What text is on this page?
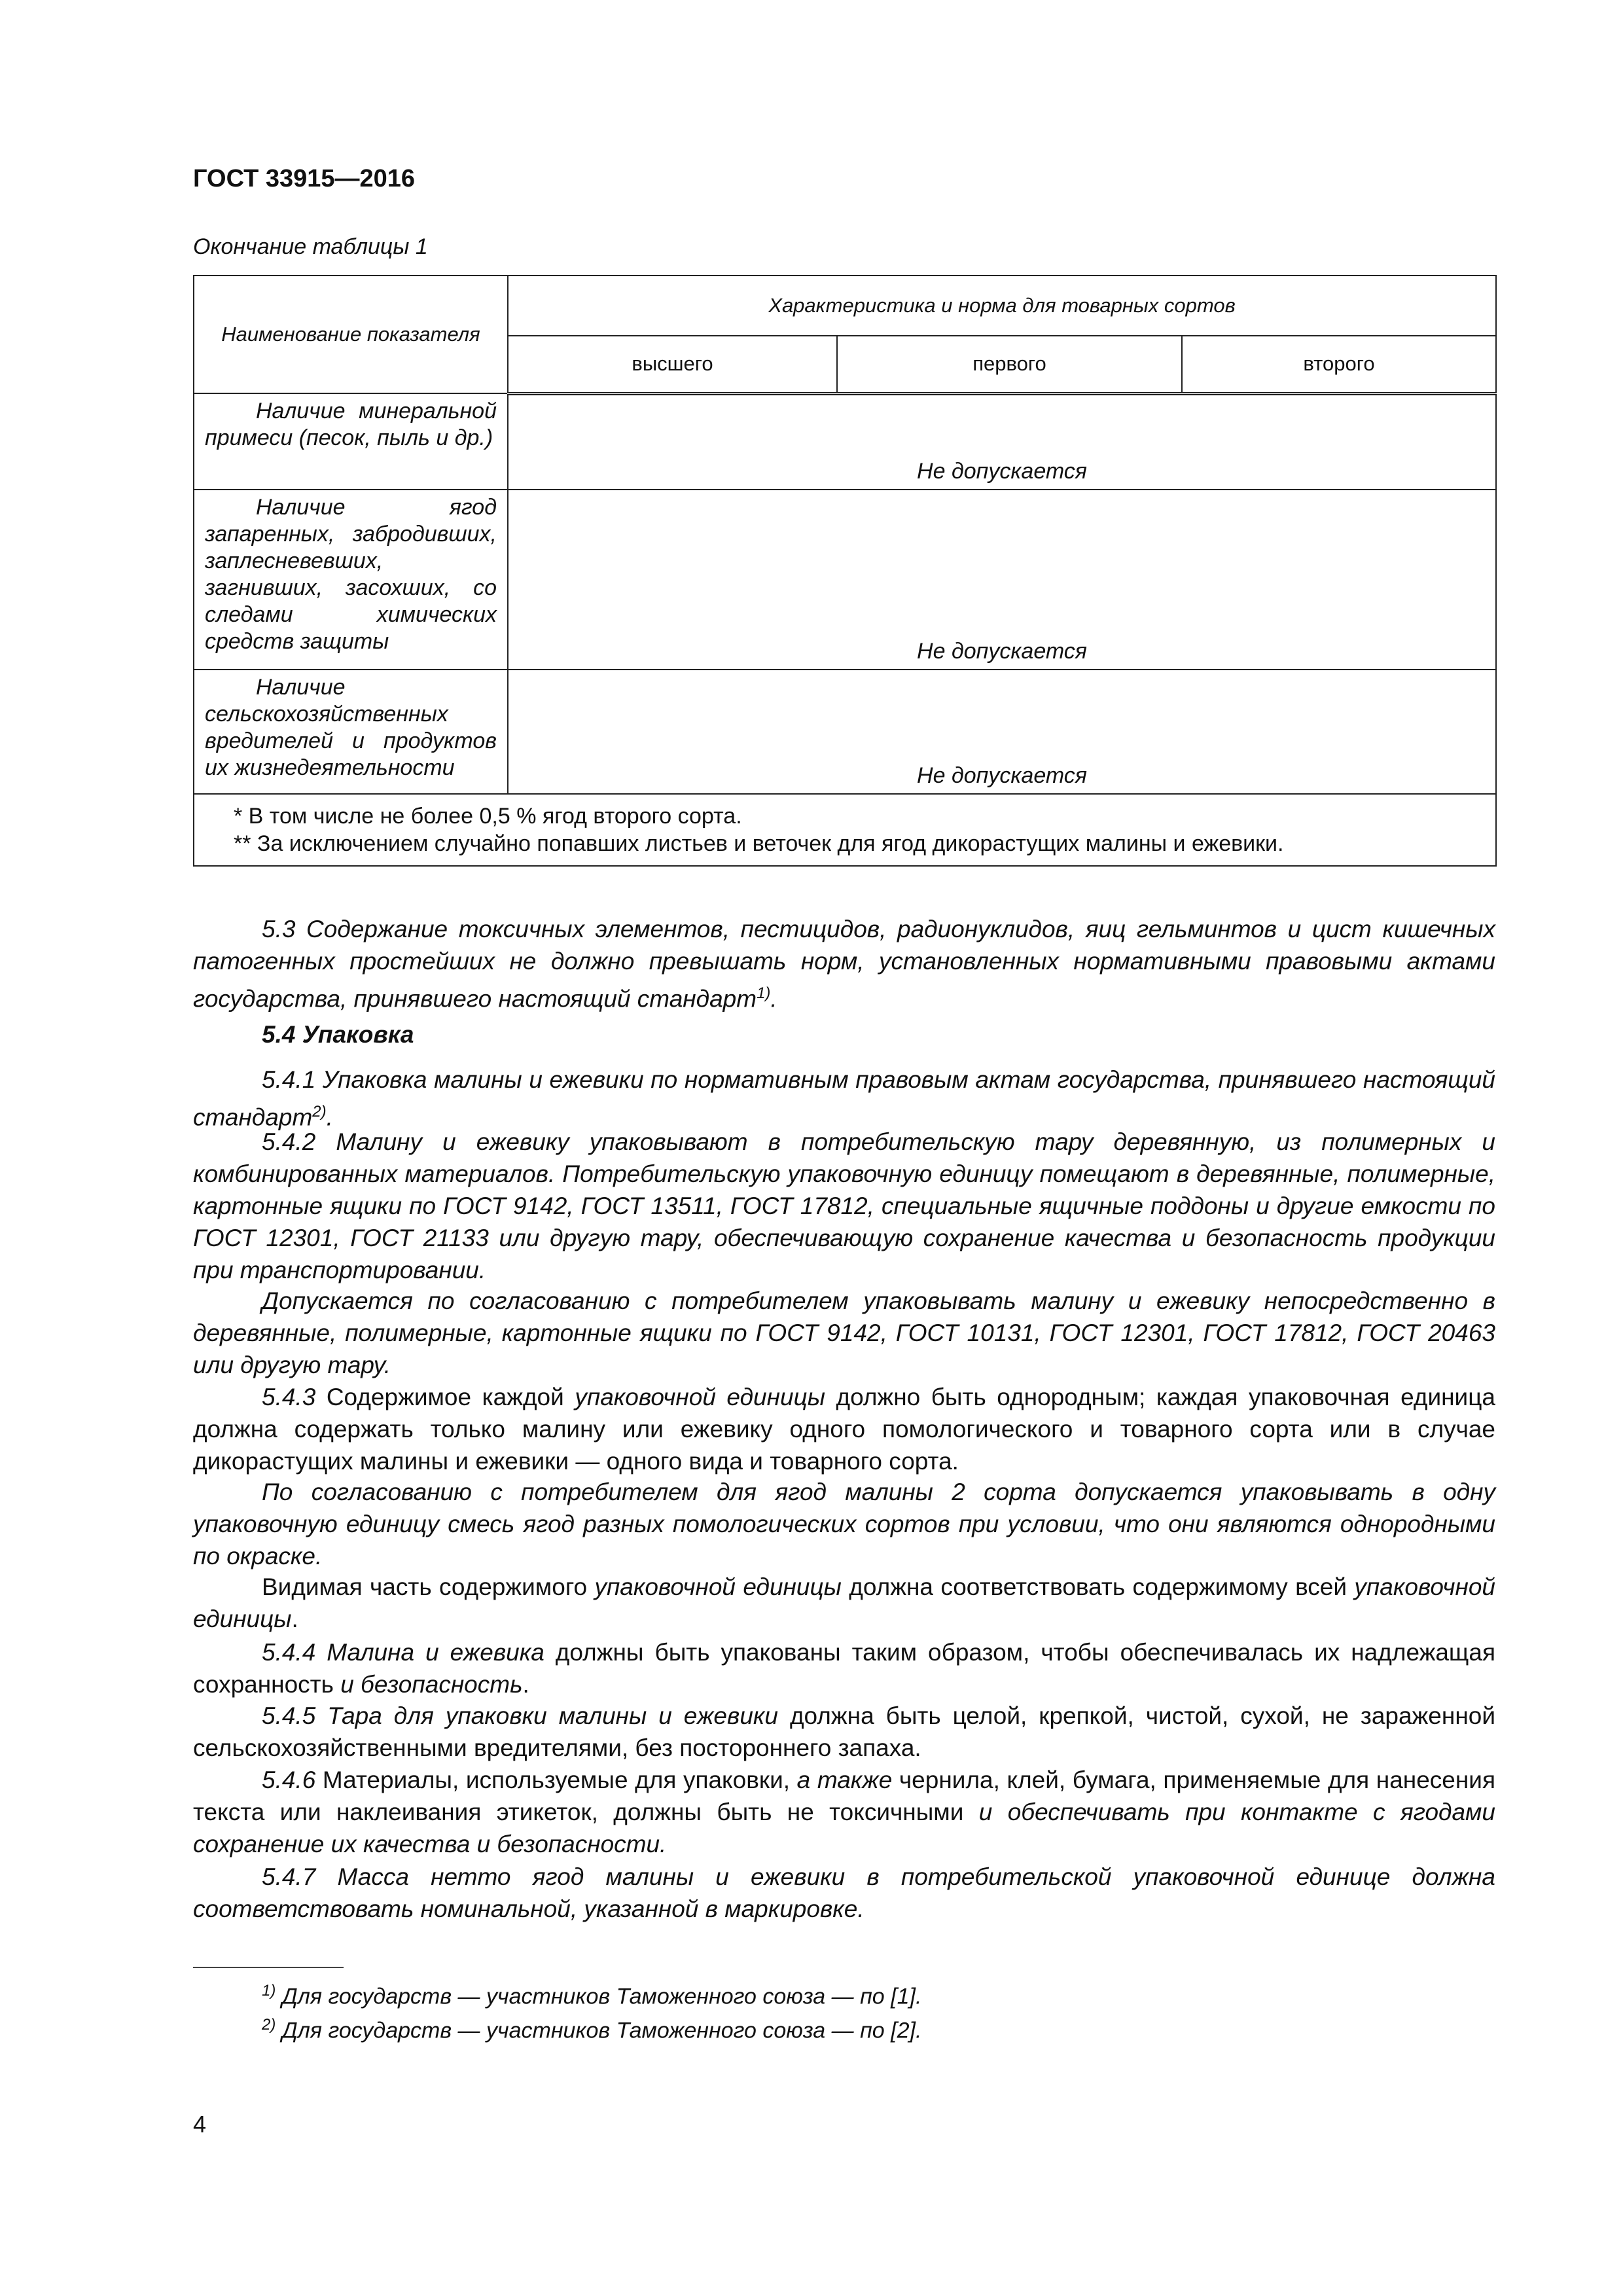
ГОСТ 33915—2016
Окончание таблицы 1
Наименование показателя	Характеристика и норма для товарных сортов		
	высшего	первого	второго
Наличие минеральной примеси (песок, пыль и др.)	Не допускается		
Наличие ягод запаренных, забродивших, заплесневевших, загнивших, засохших, со следами химических средств защиты	Не допускается		
Наличие сельскохозяйственных вредителей и продуктов их жизнедеятельности	Не допускается		

* В том числе не более 0,5 % ягод второго сорта.
** За исключением случайно попавших листьев и веточек для ягод дикорастущих малины и ежевики.			

5.3 Содержание токсичных элементов, пестицидов, радионуклидов, яиц гельминтов и цист кишечных патогенных простейших не должно превышать норм, установленных нормативными правовыми актами государства, принявшего настоящий стандарт$^{1)}$.

5.4 Упаковка

5.4.1 Упаковка малины и ежевики по нормативным правовым актам государства, принявшего настоящий стандарт$^{2)}$.

5.4.2 Малину и ежевику упаковывают в потребительскую тару деревянную, из полимерных и комбинированных материалов. Потребительскую упаковочную единицу помещают в деревянные, полимерные, картонные ящики по ГОСТ 9142, ГОСТ 13511, ГОСТ 17812, специальные ящичные поддоны и другие емкости по ГОСТ 12301, ГОСТ 21133 или другую тару, обеспечивающую сохранение качества и безопасность продукции при транспортировании.

Допускается по согласованию с потребителем упаковывать малину и ежевику непосредственно в деревянные, полимерные, картонные ящики по ГОСТ 9142, ГОСТ 10131, ГОСТ 12301, ГОСТ 17812, ГОСТ 20463 или другую тару.

5.4.3 Содержимое каждой упаковочной единицы должно быть однородным; каждая упаковочная единица должна содержать только малину или ежевику одного помологического и товарного сорта или в случае дикорастущих малины и ежевики — одного вида и товарного сорта.

По согласованию с потребителем для ягод малины 2 сорта допускается упаковывать в одну упаковочную единицу смесь ягод разных помологических сортов при условии, что они являются однородными по окраске.

Видимая часть содержимого упаковочной единицы должна соответствовать содержимому всей упаковочной единицы.

5.4.4 Малина и ежевика должны быть упакованы таким образом, чтобы обеспечивалась их надлежащая сохранность и безопасность.

5.4.5 Тара для упаковки малины и ежевики должна быть целой, крепкой, чистой, сухой, не зараженной сельскохозяйственными вредителями, без постороннего запаха.

5.4.6 Материалы, используемые для упаковки, а также чернила, клей, бумага, применяемые для нанесения текста или наклеивания этикеток, должны быть не токсичными и обеспечивать при контакте с ягодами сохранение их качества и безопасности.

5.4.7 Масса нетто ягод малины и ежевики в потребительской упаковочной единице должна соответствовать номинальной, указанной в маркировке.

$^{1)}$ Для государств — участников Таможенного союза — по [1].
$^{2)}$ Для государств — участников Таможенного союза — по [2].
4
